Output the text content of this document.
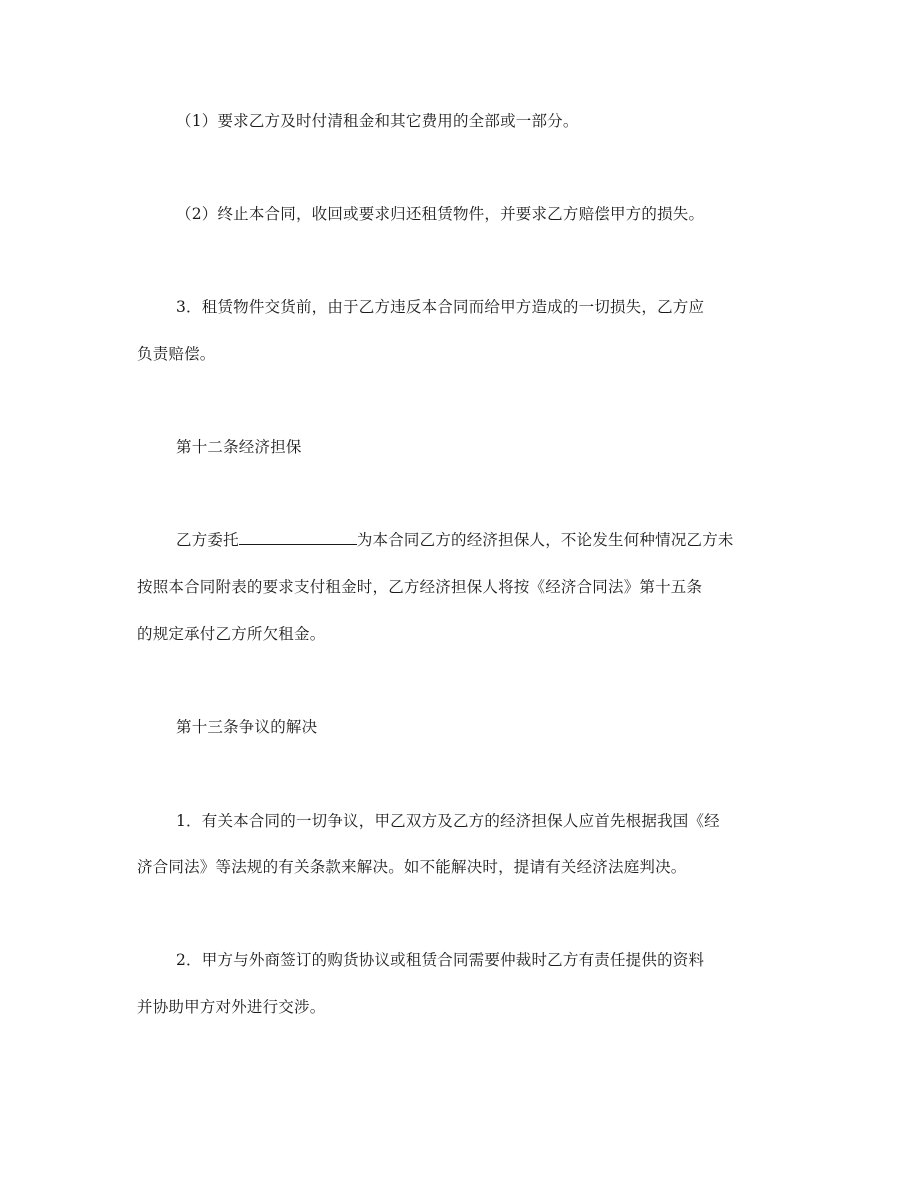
（1）要求乙方及时付清租金和其它费用的全部或一部分。

（2）终止本合同，收回或要求归还租赁物件，并要求乙方赔偿甲方的损失。

3．租赁物件交货前，由于乙方违反本合同而给甲方造成的一切损失，乙方应

负责赔偿。

第十二条经济担保

乙方委托	为本合同乙方的经济担保人，不论发生何种情况乙方未

按照本合同附表的要求支付租金时，乙方经济担保人将按《经济合同法》第十五条

的规定承付乙方所欠租金。

第十三条争议的解决

1．有关本合同的一切争议，甲乙双方及乙方的经济担保人应首先根据我国《经

济合同法》等法规的有关条款来解决。如不能解决时，提请有关经济法庭判决。

2．甲方与外商签订的购货协议或租赁合同需要仲裁时乙方有责任提供的资料

并协助甲方对外进行交涉。
